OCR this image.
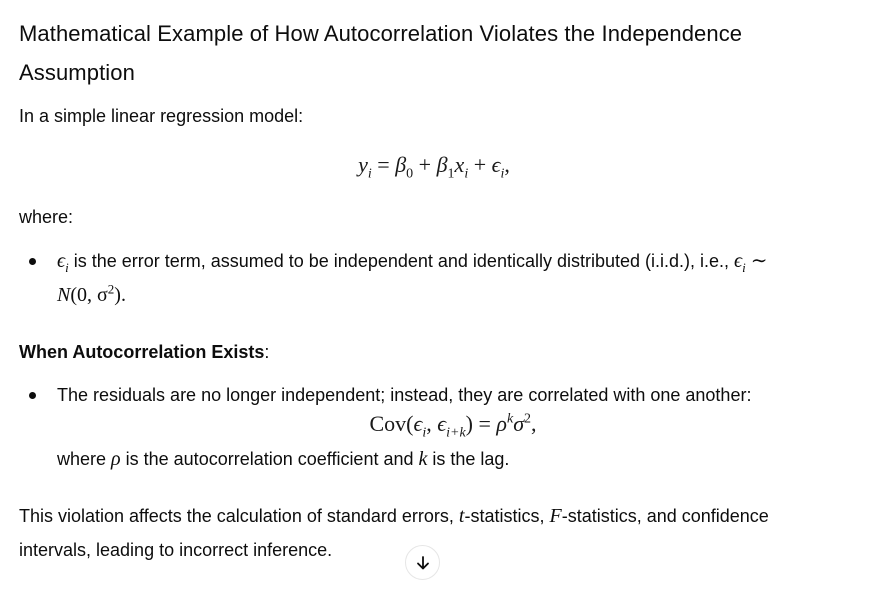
Mathematical Example of How Autocorrelation Violates the Independence Assumption
In a simple linear regression model:
$y_i = \beta_0 + \beta_1x_i + \epsilon_i$,
where:
$\epsilon_i$ is the error term, assumed to be independent and identically distributed (i.i.d.), i.e., $\epsilon_i$ ∼
N(0, $\sigma^2$).
When Autocorrelation Exists:
The residuals are no longer independent; instead, they are correlated with one another:
$Cov(\epsilon_i$, $\epsilon_{i+k}) = \rho^k\sigma^2$,
where ρ is the autocorrelation coefficient and k is the lag.
This violation affects the calculation of standard errors, t-statistics, F-statistics, and confidence intervals, leading to incorrect inference.
